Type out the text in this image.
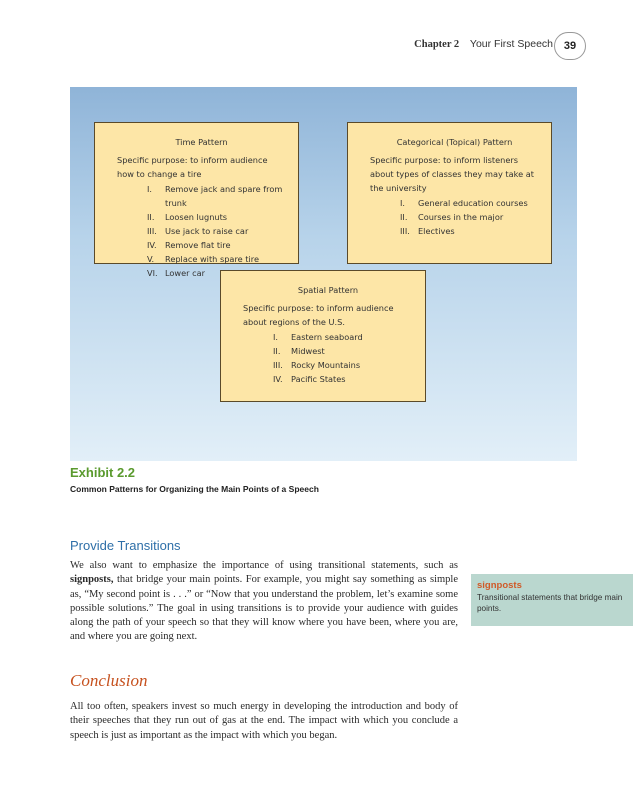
Chapter 2 Your First Speech 39
Time Pattern
Specific purpose: to inform audience how to change a tire
I.	Remove jack and spare from trunk
II.	Loosen lugnuts
III. Use jack to raise car
IV.	Remove flat tire
V.	Replace with spare tire
VI. Lower car
Categorical (Topical) Pattern
Specific purpose: to inform listeners about types of classes they may take at the university
I.	General education courses
II.	Courses in the major
III. Electives
Spatial Pattern
Specific purpose: to inform audience about regions of the U.S.
I.	Eastern seaboard
II.	Midwest
III. Rocky Mountains
IV.	Pacific States
Exhibit 2.2
Common Patterns for Organizing the Main Points of a Speech
Provide Transitions
We also want to emphasize the importance of using transitional statements, such as signposts, that bridge your main points. For example, you might say something as simple as, “My second point is . . .” or “Now that you understand the problem, let’s examine some possible solutions.” The goal in using transitions is to provide your audience with guides along the path of your speech so that they will know where you have been, where you are, and where you are going next.
signposts
Transitional statements that bridge main points.
Conclusion
All too often, speakers invest so much energy in developing the introduction and body of their speeches that they run out of gas at the end. The impact with which you conclude a speech is just as important as the impact with which you began.
